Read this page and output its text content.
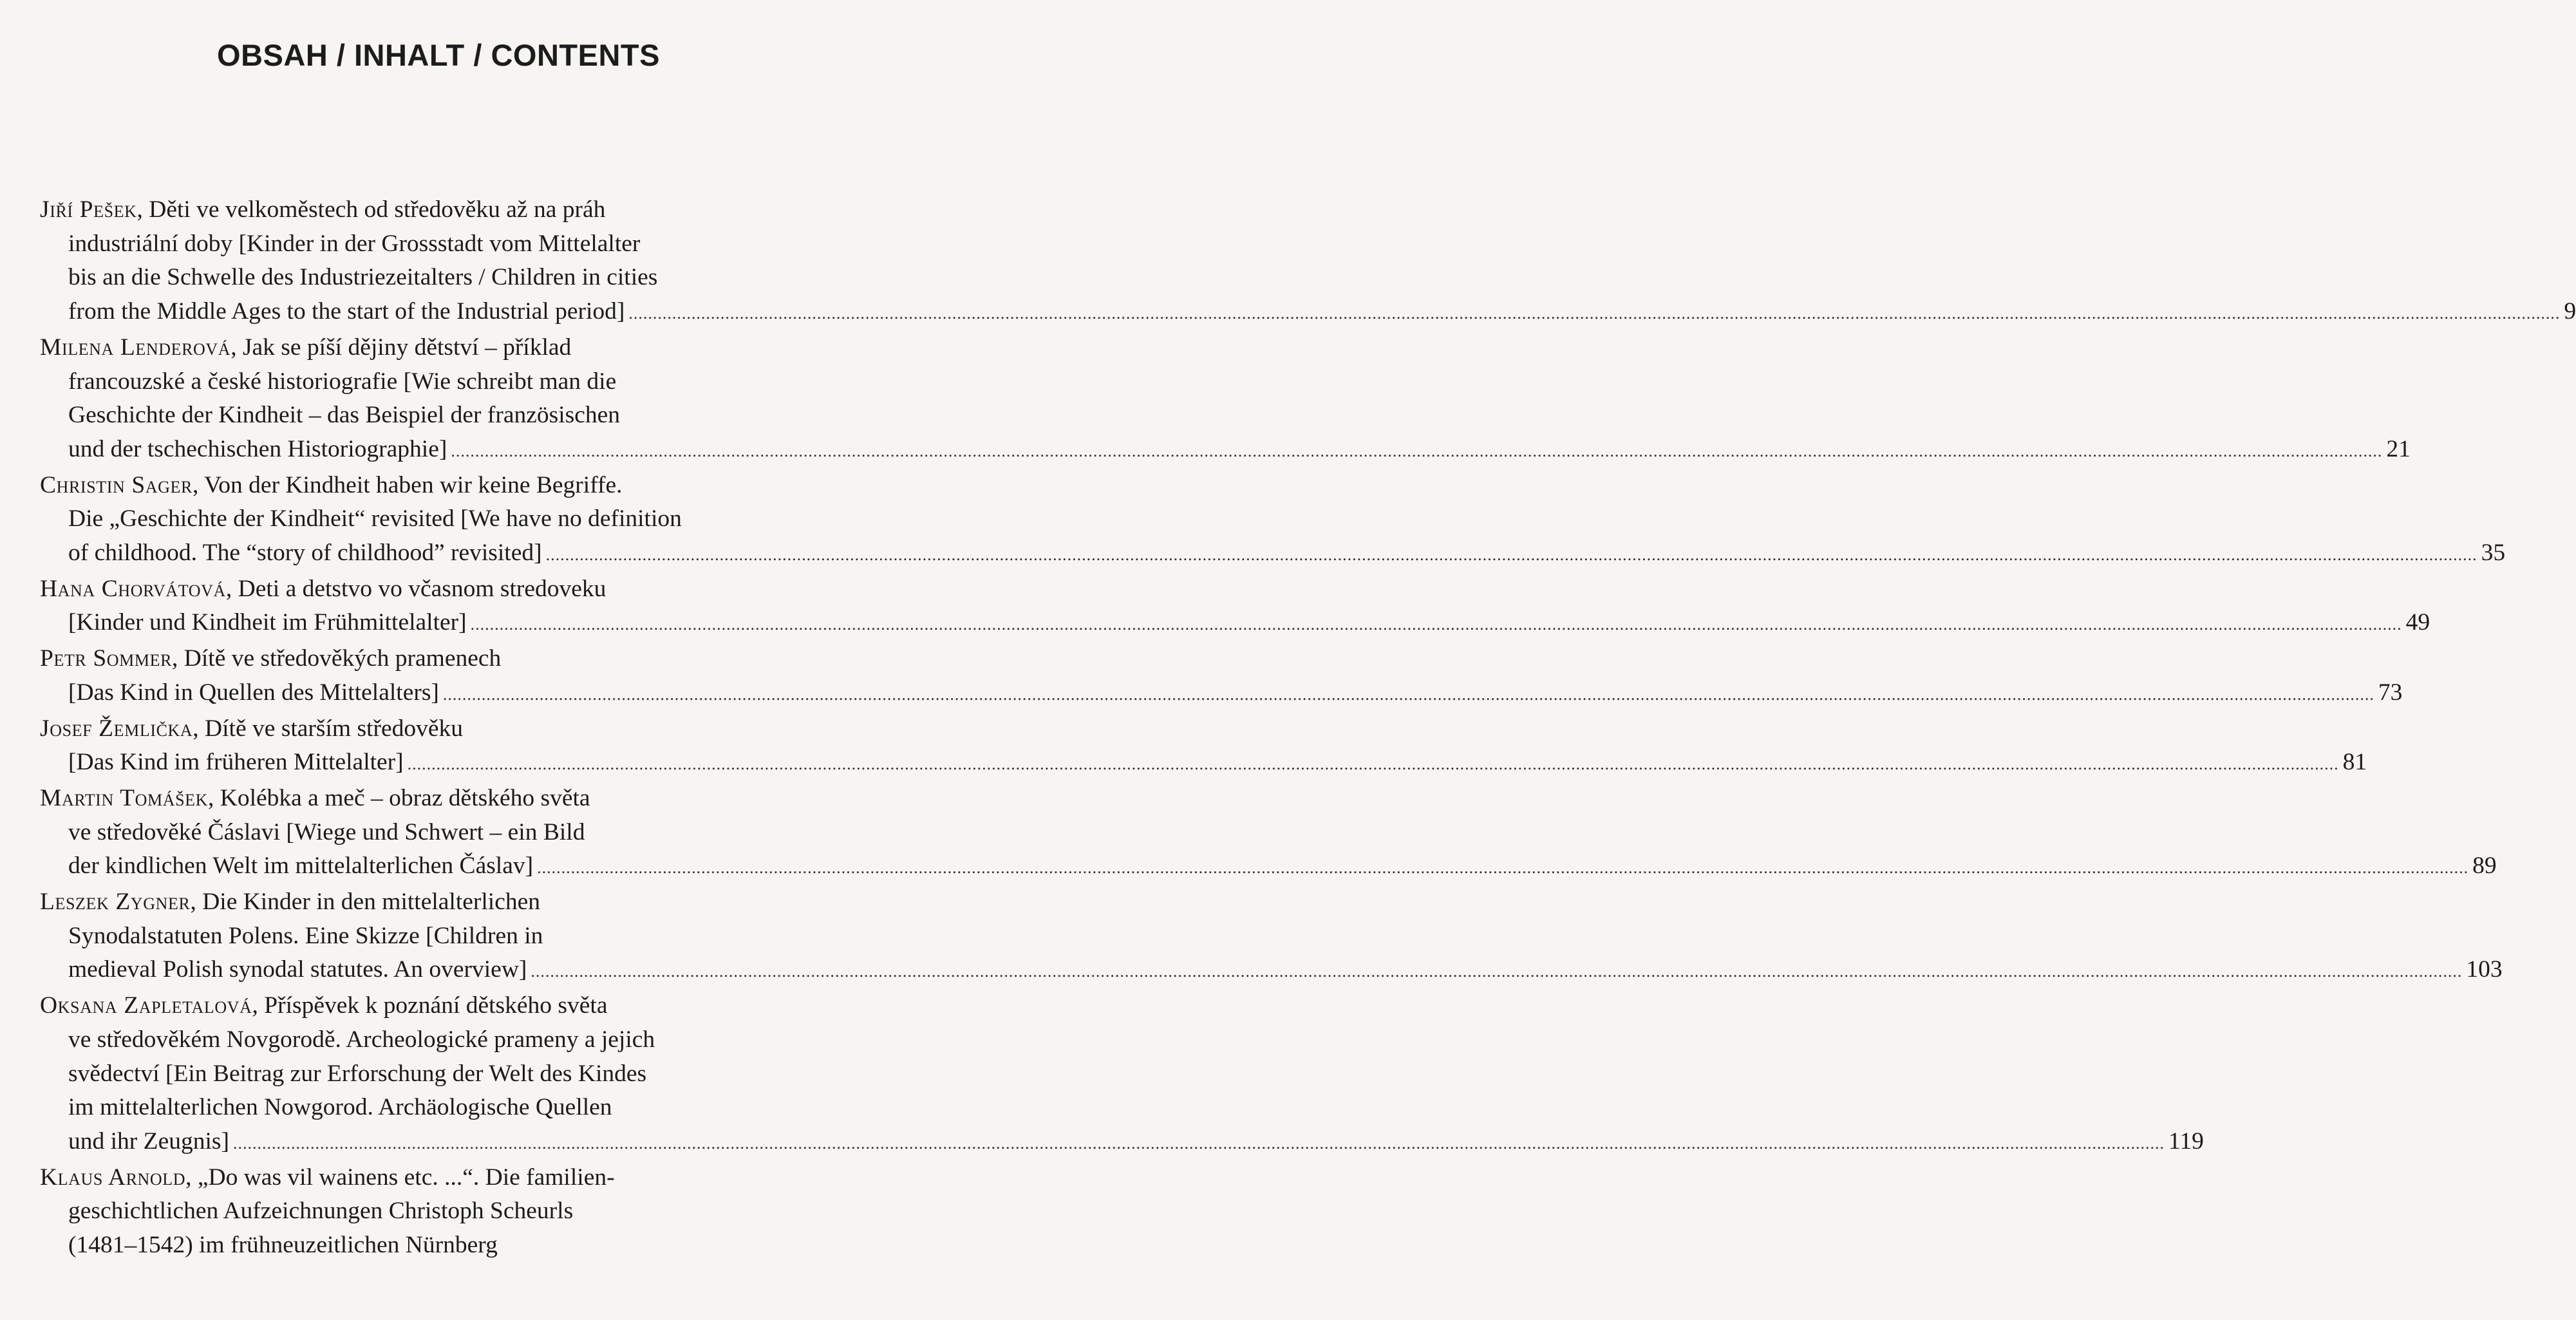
OBSAH / INHALT / CONTENTS
Jiří Pešek , Děti ve velkoměstech od středověku až na práh
industriální doby [Kinder in der Grossstadt vom Mittelalter
bis an die Schwelle des Industriezeitalters / Children in cities
from the Middle Ages to the start of the Industrial period] ................................................................................................................................................................................................................................................................................................................................................................................................................ 9
Milena Lenderová , Jak se píší dějiny dětství – příklad
francouzské a české historiografie [Wie schreibt man die
Geschichte der Kindheit – das Beispiel der französischen
und der tschechischen Historiographie] ................................................................................................................................................................................................................................................................................................................................................................................................................ 21
Christin Sager , Von der Kindheit haben wir keine Begriffe.
Die „Geschichte der Kindheit“ revisited [We have no definition
of childhood. The “story of childhood” revisited] ................................................................................................................................................................................................................................................................................................................................................................................................................ 35
Hana Chorvátová , Deti a detstvo vo včasnom stredoveku
[Kinder und Kindheit im Frühmittelalter] ................................................................................................................................................................................................................................................................................................................................................................................................................ 49
Petr Sommer , Dítě ve středověkých pramenech
[Das Kind in Quellen des Mittelalters] ................................................................................................................................................................................................................................................................................................................................................................................................................ 73
Josef Žemlička , Dítě ve starším středověku
[Das Kind im früheren Mittelalter] ................................................................................................................................................................................................................................................................................................................................................................................................................ 81
Martin Tomášek , Kolébka a meč – obraz dětského světa
ve středověké Čáslavi [Wiege und Schwert – ein Bild
der kindlichen Welt im mittelalterlichen Čáslav] ................................................................................................................................................................................................................................................................................................................................................................................................................ 89
Leszek Zygner , Die Kinder in den mittelalterlichen
Synodalstatuten Polens. Eine Skizze [Children in
medieval Polish synodal statutes. An overview] ................................................................................................................................................................................................................................................................................................................................................................................................................ 103
Oksana Zapletalová , Příspěvek k poznání dětského světa
ve středověkém Novgorodě. Archeologické prameny a jejich
svědectví [Ein Beitrag zur Erforschung der Welt des Kindes
im mittelalterlichen Nowgorod. Archäologische Quellen
und ihr Zeugnis] ................................................................................................................................................................................................................................................................................................................................................................................................................ 119
Klaus Arnold , „Do was vil wainens etc. ...“. Die familien-
geschichtlichen Aufzeichnungen Christoph Scheurls
(1481–1542) im frühneuzeitlichen Nürnberg
